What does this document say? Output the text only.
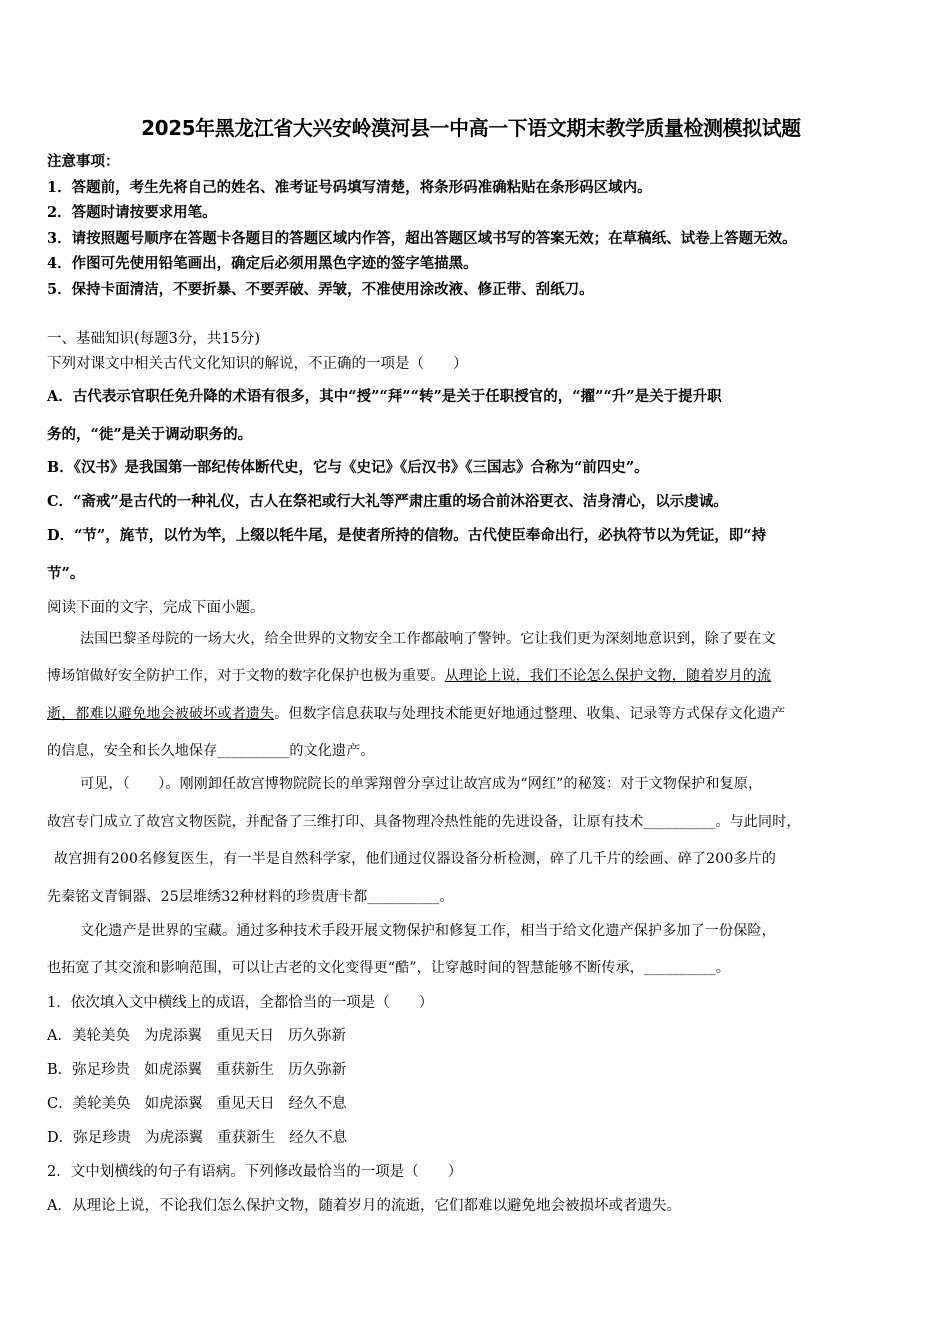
2025年黑龙江省大兴安岭漠河县一中高一下语文期末教学质量检测模拟试题
注意事项：
1．答题前，考生先将自己的姓名、准考证号码填写清楚，将条形码准确粘贴在条形码区域内。
2．答题时请按要求用笔。
3．请按照题号顺序在答题卡各题目的答题区域内作答，超出答题区域书写的答案无效；在草稿纸、试卷上答题无效。
4．作图可先使用铅笔画出，确定后必须用黑色字迹的签字笔描黑。
5．保持卡面清洁，不要折暴、不要弄破、弄皱，不准使用涂改液、修正带、刮纸刀。
一、基础知识(每题3分，共15分)
下列对课文中相关古代文化知识的解说，不正确的一项是（　　）
A．古代表示官职任免升降的术语有很多，其中“授”“拜”“转”是关于任职授官的，“擢”“升”是关于提升职
务的，“徙”是关于调动职务的。
B．《汉书》是我国第一部纪传体断代史，它与《史记》《后汉书》《三国志》合称为“前四史”。
C．“斋戒”是古代的一种礼仪，古人在祭祀或行大礼等严肃庄重的场合前沐浴更衣、洁身清心，以示虔诚。
D．“节”，旄节，以竹为竿，上缀以牦牛尾，是使者所持的信物。古代使臣奉命出行，必执符节以为凭证，即“持
节”。
阅读下面的文字，完成下面小题。
法国巴黎圣母院的一场大火，给全世界的文物安全工作都敲响了警钟。它让我们更为深刻地意识到，除了要在文
博场馆做好安全防护工作，对于文物的数字化保护也极为重要。从理论上说，我们不论怎么保护文物，随着岁月的流
逝，都难以避免地会被破坏或者遗失。但数字信息获取与处理技术能更好地通过整理、收集、记录等方式保存文化遗产
的信息，安全和长久地保存__________的文化遗产。
可见，（　　）。刚刚卸任故宫博物院院长的单霁翔曾分享过让故宫成为“网红”的秘笈：对于文物保护和复原，
故宫专门成立了故宫文物医院，并配备了三维打印、具备物理冷热性能的先进设备，让原有技术__________。与此同时，
故宫拥有200名修复医生，有一半是自然科学家，他们通过仪器设备分析检测，碎了几千片的绘画、碎了200多片的
先秦铭文青铜器、25层堆绣32种材料的珍贵唐卡都__________。
文化遗产是世界的宝藏。通过多种技术手段开展文物保护和修复工作，相当于给文化遗产保护多加了一份保险，
也拓宽了其交流和影响范围，可以让古老的文化变得更“酷”，让穿越时间的智慧能够不断传承，__________。
1．依次填入文中横线上的成语，全都恰当的一项是（　　）
A．美轮美奂 为虎添翼 重见天日 历久弥新
B．弥足珍贵 如虎添翼 重获新生 历久弥新
C．美轮美奂 如虎添翼 重见天日 经久不息
D．弥足珍贵 为虎添翼 重获新生 经久不息
2．文中划横线的句子有语病。下列修改最恰当的一项是（　　）
A．从理论上说，不论我们怎么保护文物，随着岁月的流逝，它们都难以避免地会被损坏或者遗失。
